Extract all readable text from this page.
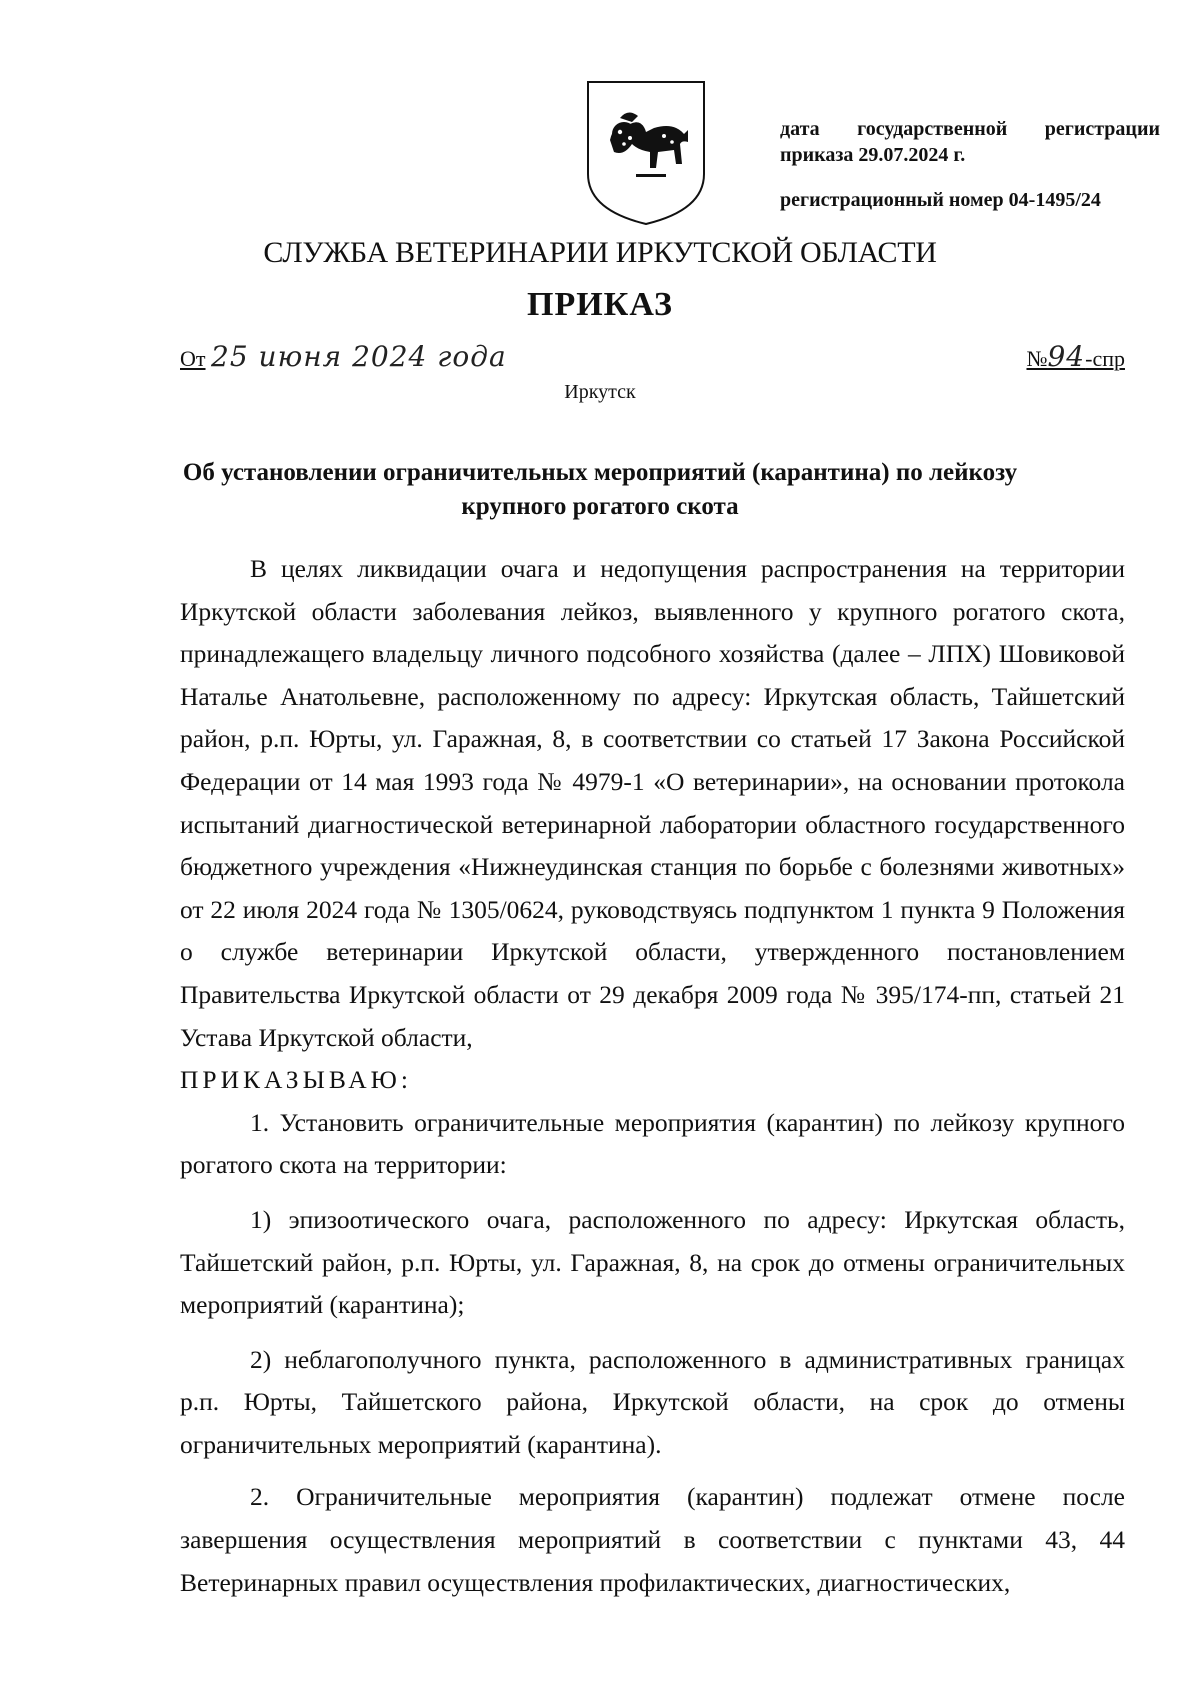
дата государственной регистрации
приказа 29.07.2024 г.
регистрационный номер 04-1495/24
СЛУЖБА ВЕТЕРИНАРИИ ИРКУТСКОЙ ОБЛАСТИ
ПРИКАЗ
От 25 июня 2024 года	№94-спр
Иркутск
Об установлении ограничительных мероприятий (карантина) по лейкозу крупного рогатого скота

В целях ликвидации очага и недопущения распространения на территории Иркутской области заболевания лейкоз, выявленного у крупного рогатого скота, принадлежащего владельцу личного подсобного хозяйства (далее – ЛПХ) Шовиковой Наталье Анатольевне, расположенному по адресу: Иркутская область, Тайшетский район, р.п. Юрты, ул. Гаражная, 8, в соответствии со статьей 17 Закона Российской Федерации от 14 мая 1993 года № 4979-1 «О ветеринарии», на основании протокола испытаний диагностической ветеринарной лаборатории областного государственного бюджетного учреждения «Нижнеудинская станция по борьбе с болезнями животных» от 22 июля 2024 года № 1305/0624, руководствуясь подпунктом 1 пункта 9 Положения о службе ветеринарии Иркутской области, утвержденного постановлением Правительства Иркутской области от 29 декабря 2009 года № 395/174-пп, статьей 21 Устава Иркутской области,

ПРИКАЗЫВАЮ:

1. Установить ограничительные мероприятия (карантин) по лейкозу крупного рогатого скота на территории:

1) эпизоотического очага, расположенного по адресу: Иркутская область, Тайшетский район, р.п. Юрты, ул. Гаражная, 8, на срок до отмены ограничительных мероприятий (карантина);

2) неблагополучного пункта, расположенного в административных границах р.п. Юрты, Тайшетского района, Иркутской области, на срок до отмены ограничительных мероприятий (карантина).

2. Ограничительные мероприятия (карантин) подлежат отмене после завершения осуществления мероприятий в соответствии с пунктами 43, 44 Ветеринарных правил осуществления профилактических, диагностических,
